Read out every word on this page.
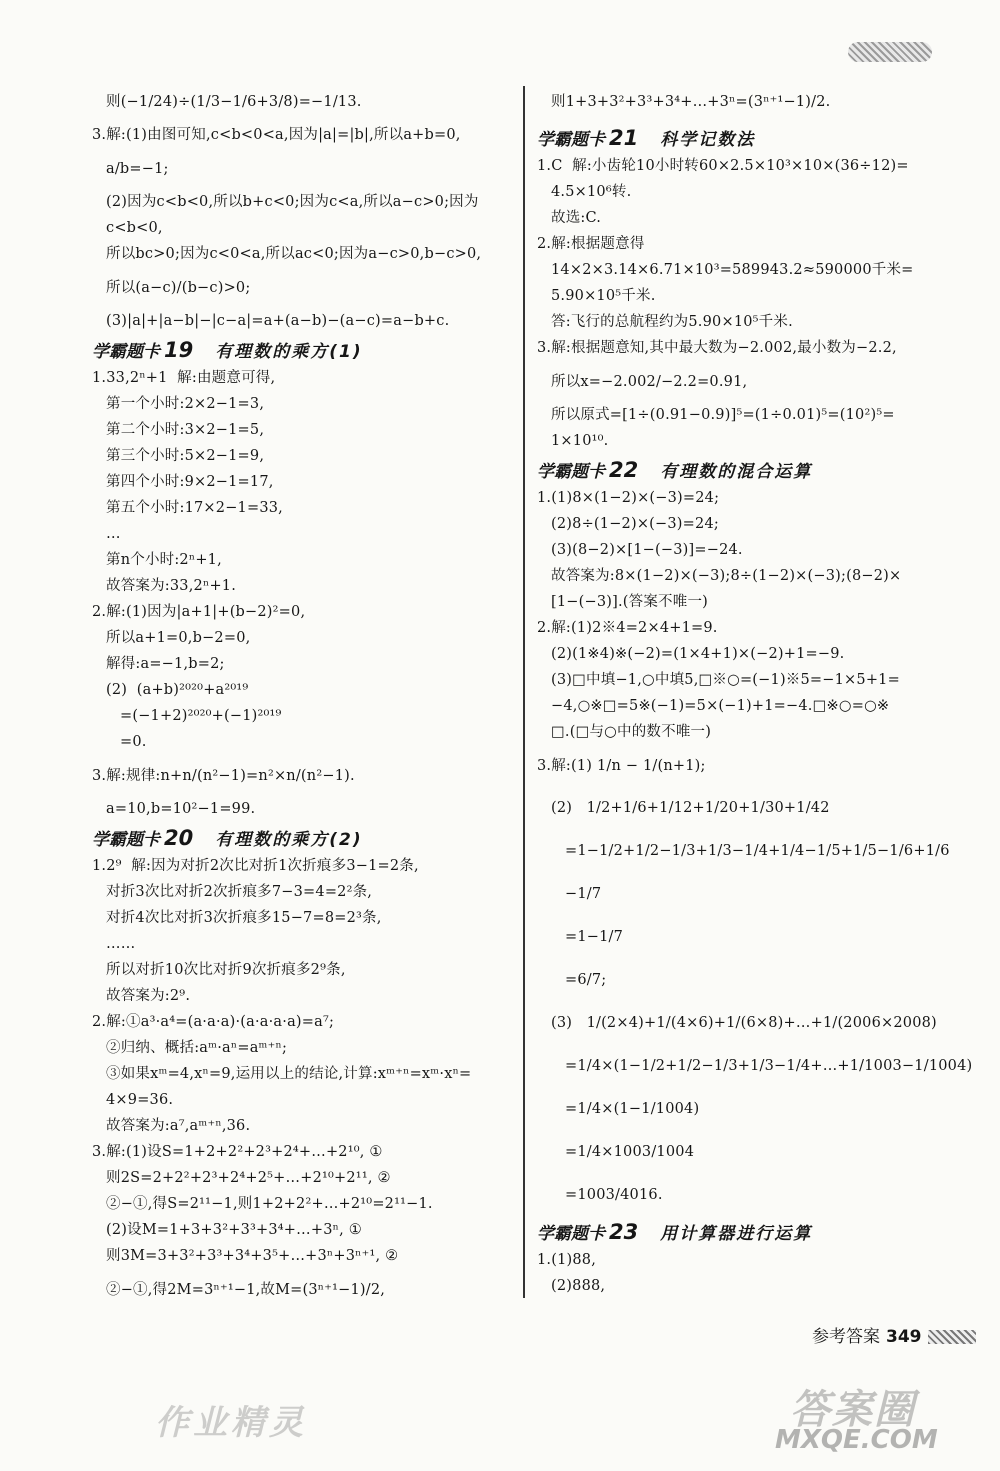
则(−1/24)÷(1/3−1/6+3/8)=−1/13.
3.解:(1)由图可知,c<b<0<a,因为|a|=|b|,所以a+b=0,
a/b=−1;
(2)因为c<b<0,所以b+c<0;因为c<a,所以a−c>0;因为
c<b<0,
所以bc>0;因为c<0<a,所以ac<0;因为a−c>0,b−c>0,
所以(a−c)/(b−c)>0;
(3)|a|+|a−b|−|c−a|=a+(a−b)−(a−c)=a−b+c.
学霸题卡 19 有理数的乘方(1)
1.33,2ⁿ+1  解:由题意可得,
第一个小时:2×2−1=3,
第二个小时:3×2−1=5,
第三个小时:5×2−1=9,
第四个小时:9×2−1=17,
第五个小时:17×2−1=33,
…
第n个小时:2ⁿ+1,
故答案为:33,2ⁿ+1.
2.解:(1)因为|a+1|+(b−2)²=0,
所以a+1=0,b−2=0,
解得:a=−1,b=2;
(2)  (a+b)²⁰²⁰+a²⁰¹⁹
=(−1+2)²⁰²⁰+(−1)²⁰¹⁹
=0.
3.解:规律:n+n/(n²−1)=n²×n/(n²−1).
a=10,b=10²−1=99.
学霸题卡 20 有理数的乘方(2)
1.2⁹  解:因为对折2次比对折1次折痕多3−1=2条,
对折3次比对折2次折痕多7−3=4=2²条,
对折4次比对折3次折痕多15−7=8=2³条,
……
所以对折10次比对折9次折痕多2⁹条,
故答案为:2⁹.
2.解:①a³·a⁴=(a·a·a)·(a·a·a·a)=a⁷;
②归纳、概括:aᵐ·aⁿ=aᵐ⁺ⁿ;
③如果xᵐ=4,xⁿ=9,运用以上的结论,计算:xᵐ⁺ⁿ=xᵐ·xⁿ=
4×9=36.
故答案为:a⁷,aᵐ⁺ⁿ,36.
3.解:(1)设S=1+2+2²+2³+2⁴+…+2¹⁰, ①
则2S=2+2²+2³+2⁴+2⁵+…+2¹⁰+2¹¹, ②
②−①,得S=2¹¹−1,则1+2+2²+…+2¹⁰=2¹¹−1.
(2)设M=1+3+3²+3³+3⁴+…+3ⁿ, ①
则3M=3+3²+3³+3⁴+3⁵+…+3ⁿ+3ⁿ⁺¹, ②
②−①,得2M=3ⁿ⁺¹−1,故M=(3ⁿ⁺¹−1)/2,
则1+3+3²+3³+3⁴+…+3ⁿ=(3ⁿ⁺¹−1)/2.
学霸题卡 21 科学记数法
1.C  解:小齿轮10小时转60×2.5×10³×10×(36÷12)=
4.5×10⁶转.
故选:C.
2.解:根据题意得
14×2×3.14×6.71×10³=589943.2≈590000千米=
5.90×10⁵千米.
答:飞行的总航程约为5.90×10⁵千米.
3.解:根据题意知,其中最大数为−2.002,最小数为−2.2,
所以x=−2.002/−2.2=0.91,
所以原式=[1÷(0.91−0.9)]⁵=(1÷0.01)⁵=(10²)⁵=
1×10¹⁰.
学霸题卡 22 有理数的混合运算
1.(1)8×(1−2)×(−3)=24;
(2)8÷(1−2)×(−3)=24;
(3)(8−2)×[1−(−3)]=−24.
故答案为:8×(1−2)×(−3);8÷(1−2)×(−3);(8−2)×
[1−(−3)].(答案不唯一)
2.解:(1)2※4=2×4+1=9.
(2)(1※4)※(−2)=(1×4+1)×(−2)+1=−9.
(3)□中填−1,○中填5,□※○=(−1)※5=−1×5+1=
−4,○※□=5※(−1)=5×(−1)+1=−4.□※○=○※
□.(□与○中的数不唯一)
3.解:(1) 1/n − 1/(n+1);
(2)   1/2+1/6+1/12+1/20+1/30+1/42
=1−1/2+1/2−1/3+1/3−1/4+1/4−1/5+1/5−1/6+1/6
−1/7
=1−1/7
=6/7;
(3)   1/(2×4)+1/(4×6)+1/(6×8)+…+1/(2006×2008)
=1/4×(1−1/2+1/2−1/3+1/3−1/4+…+1/1003−1/1004)
=1/4×(1−1/1004)
=1/4×1003/1004
=1003/4016.
学霸题卡 23 用计算器进行运算
1.(1)88,
(2)888,
参考答案 349
作业精灵	答案圈
MXQE.COM
